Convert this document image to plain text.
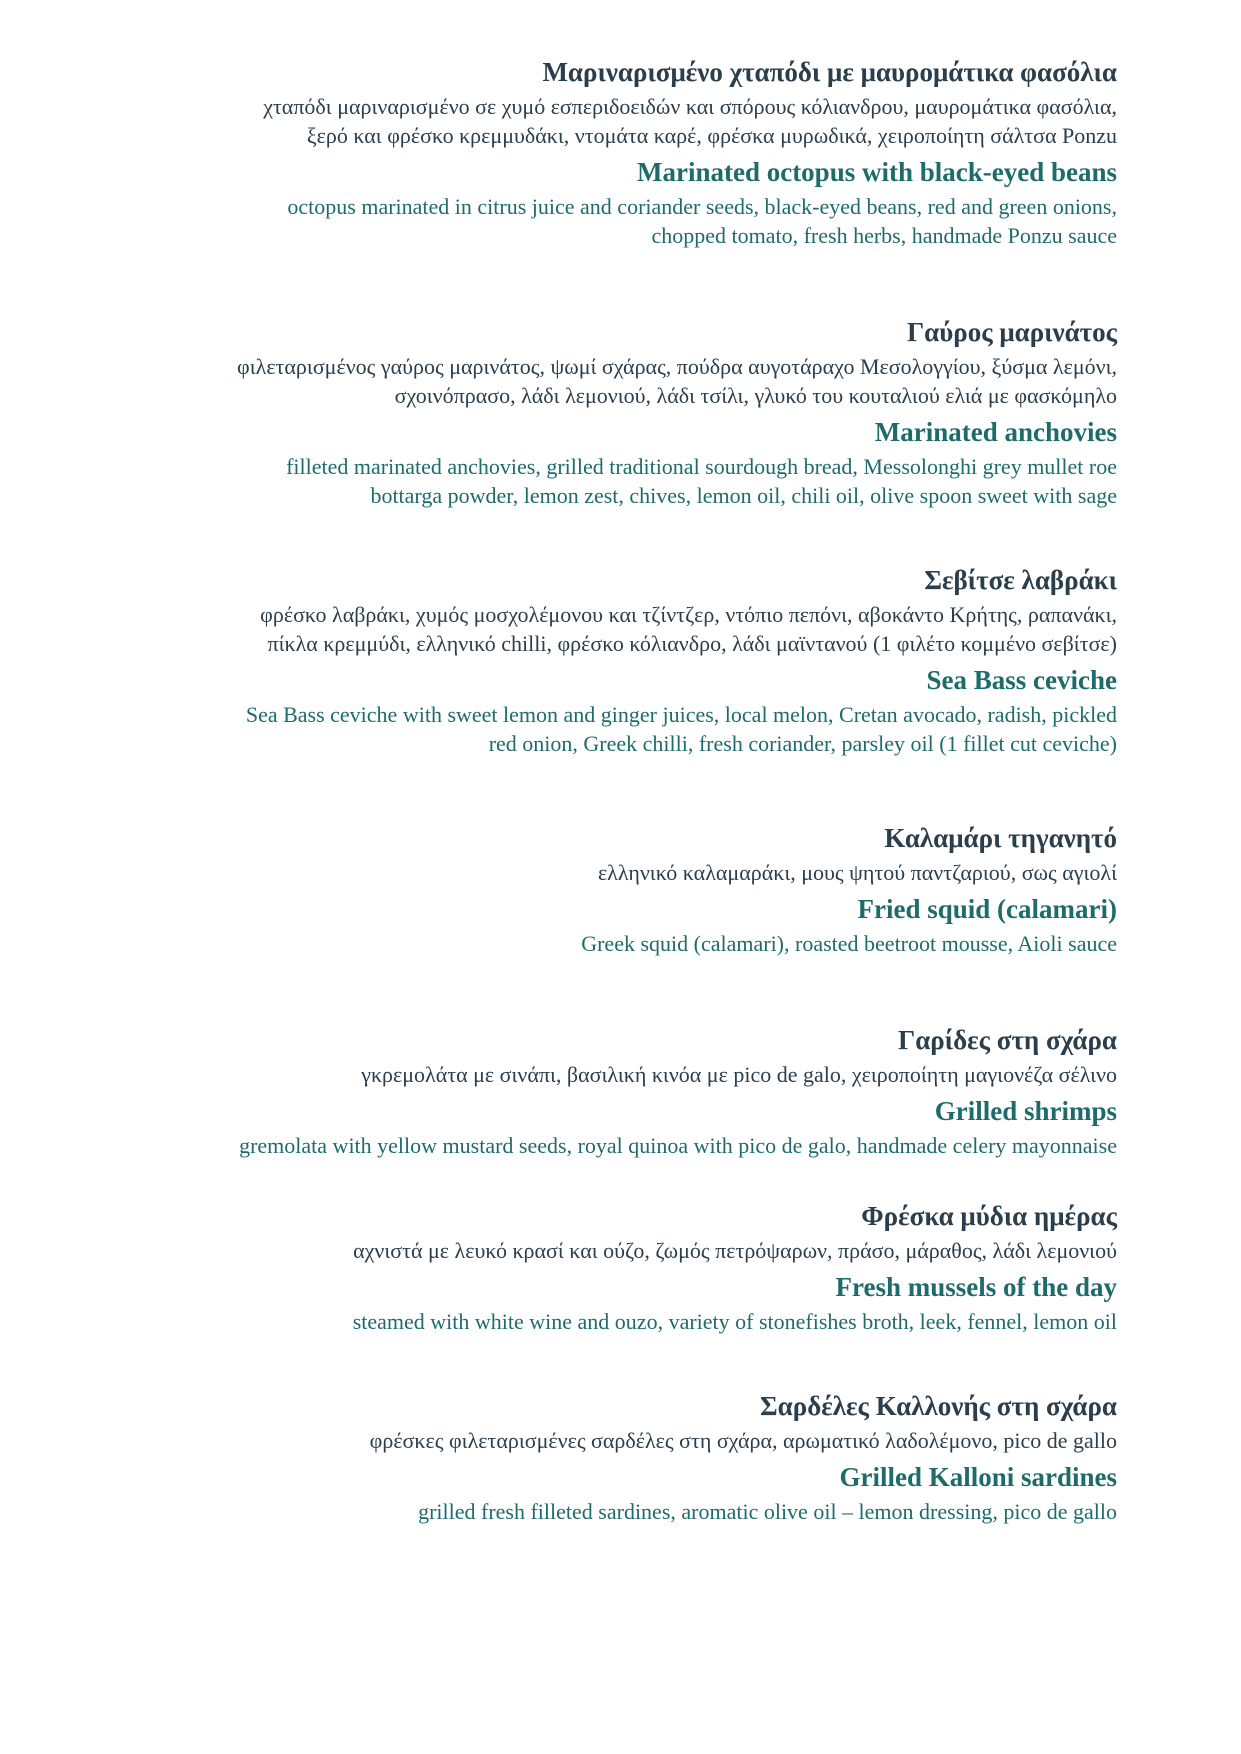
Μαριναρισμένο χταπόδι με μαυρομάτικα φασόλια

χταπόδι μαριναρισμένο σε χυμό εσπεριδοειδών και σπόρους κόλιανδρου, μαυρομάτικα φασόλια,
ξερό και φρέσκο κρεμμυδάκι, ντομάτα καρέ, φρέσκα μυρωδικά, χειροποίητη σάλτσα Ponzu

Marinated octopus with black-eyed beans

octopus marinated in citrus juice and coriander seeds, black-eyed beans, red and green onions,
chopped tomato, fresh herbs, handmade Ponzu sauce

Γαύρος μαρινάτος

φιλεταρισμένος γαύρος μαρινάτος, ψωμί σχάρας, πούδρα αυγοτάραχο Μεσολογγίου, ξύσμα λεμόνι,
σχοινόπρασο, λάδι λεμονιού, λάδι τσίλι, γλυκό του κουταλιού ελιά με φασκόμηλο

Marinated anchovies

filleted marinated anchovies, grilled traditional sourdough bread, Messolonghi grey mullet roe
bottarga powder, lemon zest, chives, lemon oil, chili oil, olive spoon sweet with sage

Σεβίτσε λαβράκι

φρέσκο λαβράκι, χυμός μοσχολέμονου και τζίντζερ, ντόπιο πεπόνι, αβοκάντο Κρήτης, ραπανάκι,
πίκλα κρεμμύδι, ελληνικό chilli, φρέσκο κόλιανδρο, λάδι μαϊντανού (1 φιλέτο κομμένο σεβίτσε)

Sea Bass ceviche

Sea Bass ceviche with sweet lemon and ginger juices, local melon, Cretan avocado, radish, pickled
red onion, Greek chilli, fresh coriander, parsley oil (1 fillet cut ceviche)

Καλαμάρι τηγανητό

ελληνικό καλαμαράκι, μους ψητού παντζαριού, σως αγιολί

Fried squid (calamari)

Greek squid (calamari), roasted beetroot mousse, Aioli sauce

Γαρίδες στη σχάρα

γκρεμολάτα με σινάπι, βασιλική κινόα με pico de galo, χειροποίητη μαγιονέζα σέλινο

Grilled shrimps

gremolata with yellow mustard seeds, royal quinoa with pico de galo, handmade celery mayonnaise

Φρέσκα μύδια ημέρας

αχνιστά με λευκό κρασί και ούζο, ζωμός πετρόψαρων, πράσο, μάραθος, λάδι λεμονιού

Fresh mussels of the day

steamed with white wine and ouzo, variety of stonefishes broth, leek, fennel, lemon oil

Σαρδέλες Καλλονής στη σχάρα

φρέσκες φιλεταρισμένες σαρδέλες στη σχάρα, αρωματικό λαδολέμονο, pico de gallo

Grilled Kalloni sardines

grilled fresh filleted sardines, aromatic olive oil – lemon dressing, pico de gallo
